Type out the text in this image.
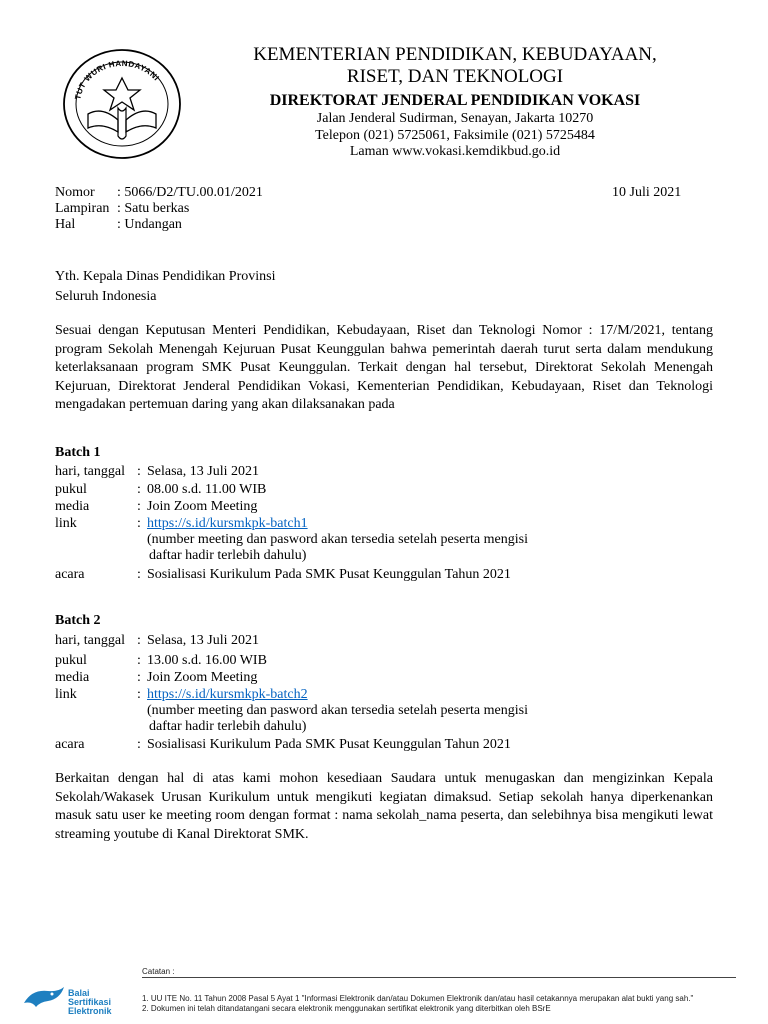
TUT WURI HANDAYANI
KEMENTERIAN PENDIDIKAN, KEBUDAYAAN,
RISET, DAN TEKNOLOGI
DIREKTORAT JENDERAL PENDIDIKAN VOKASI
Jalan Jenderal Sudirman, Senayan, Jakarta 10270
Telepon (021) 5725061, Faksimile (021) 5725484
Laman www.vokasi.kemdikbud.go.id
Nomor : 5066/D2/TU.00.01/2021	10 Juli 2021
Lampiran : Satu berkas
Hal	: Undangan
Yth. Kepala Dinas Pendidikan Provinsi
Seluruh Indonesia
Sesuai dengan Keputusan Menteri Pendidikan, Kebudayaan, Riset dan Teknologi Nomor : 17/M/2021, tentang program Sekolah Menengah Kejuruan Pusat Keunggulan bahwa pemerintah daerah turut serta dalam mendukung keterlaksanaan program SMK Pusat Keunggulan. Terkait dengan hal tersebut, Direktorat Sekolah Menengah Kejuruan, Direktorat Jenderal Pendidikan Vokasi, Kementerian Pendidikan, Kebudayaan, Riset dan Teknologi mengadakan pertemuan daring yang akan dilaksanakan pada
Batch 1
hari, tanggal : Selasa, 13 Juli 2021
pukul	: 08.00 s.d. 11.00 WIB
media	: Join Zoom Meeting
link	: https://s.id/kursmkpk-batch1
(number meeting dan pasword akan tersedia setelah peserta mengisi
daftar hadir terlebih dahulu)
acara	: Sosialisasi Kurikulum Pada SMK Pusat Keunggulan Tahun 2021
Batch 2
hari, tanggal : Selasa, 13 Juli 2021
pukul	: 13.00 s.d. 16.00 WIB
media	: Join Zoom Meeting
link	: https://s.id/kursmkpk-batch2
(number meeting dan pasword akan tersedia setelah peserta mengisi
daftar hadir terlebih dahulu)
acara	: Sosialisasi Kurikulum Pada SMK Pusat Keunggulan Tahun 2021
Berkaitan dengan hal di atas kami mohon kesediaan Saudara untuk menugaskan dan mengizinkan Kepala Sekolah/Wakasek Urusan Kurikulum untuk mengikuti kegiatan dimaksud. Setiap sekolah hanya diperkenankan masuk satu user ke meeting room dengan format : nama sekolah_nama peserta, dan selebihnya bisa mengikuti lewat streaming youtube di Kanal Direktorat SMK.
Balai
Sertifikasi
Elektronik
Catatan :
1. UU ITE No. 11 Tahun 2008 Pasal 5 Ayat 1 "Informasi Elektronik dan/atau Dokumen Elektronik dan/atau hasil cetakannya merupakan alat bukti yang sah."
2. Dokumen ini telah ditandatangani secara elektronik menggunakan sertifikat elektronik yang diterbitkan oleh BSrE
